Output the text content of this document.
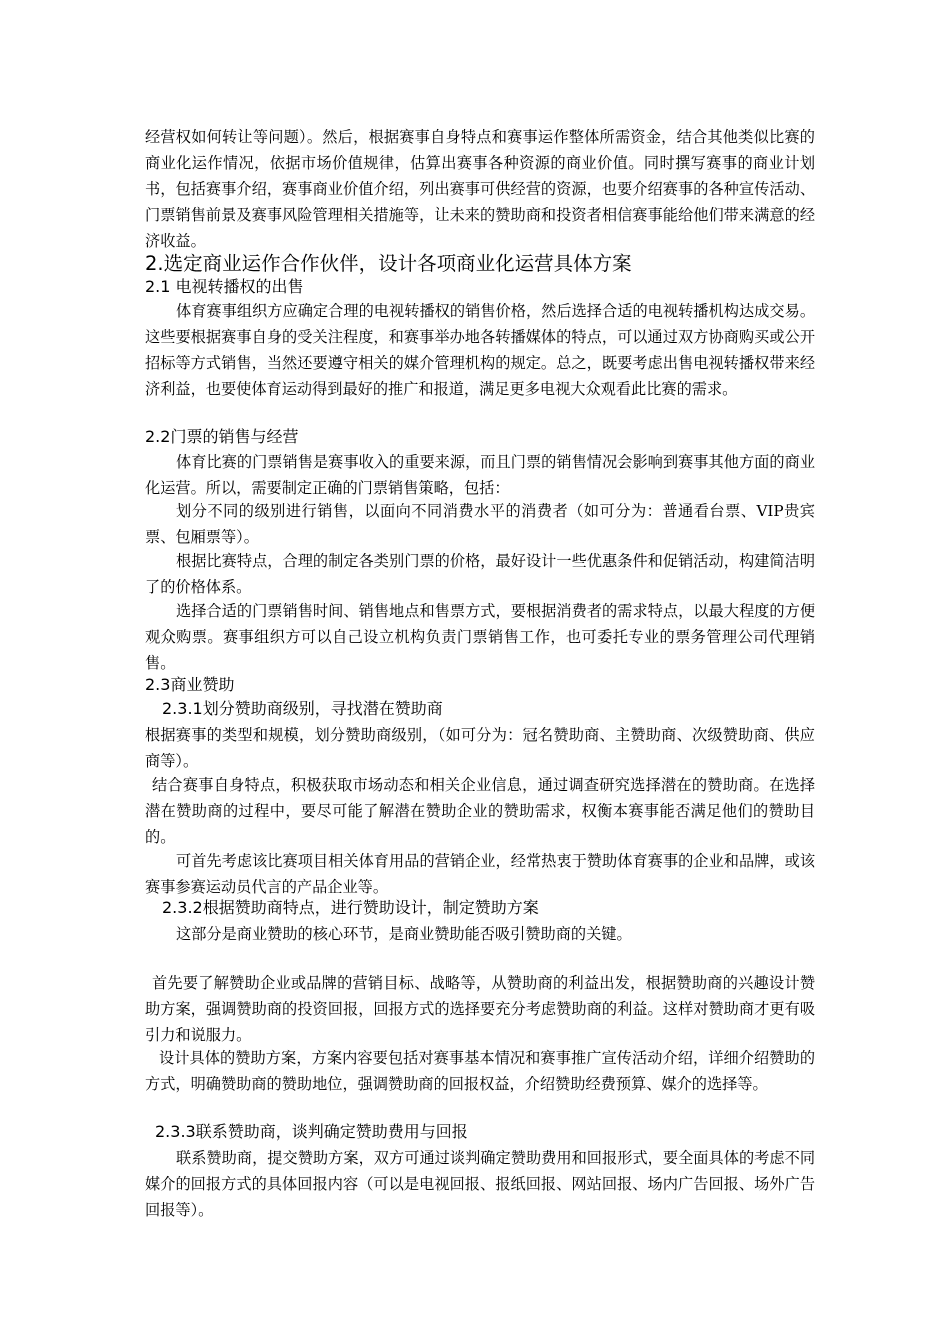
经营权如何转让等问题）。然后，根据赛事自身特点和赛事运作整体所需资金，结合其他类似比赛的商业化运作情况，依据市场价值规律，估算出赛事各种资源的商业价值。同时撰写赛事的商业计划书，包括赛事介绍，赛事商业价值介绍，列出赛事可供经营的资源，也要介绍赛事的各种宣传活动、门票销售前景及赛事风险管理相关措施等，让未来的赞助商和投资者相信赛事能给他们带来满意的经济收益。
2.选定商业运作合作伙伴，设计各项商业化运营具体方案
2.1 电视转播权的出售
体育赛事组织方应确定合理的电视转播权的销售价格，然后选择合适的电视转播机构达成交易。这些要根据赛事自身的受关注程度，和赛事举办地各转播媒体的特点，可以通过双方协商购买或公开招标等方式销售，当然还要遵守相关的媒介管理机构的规定。总之，既要考虑出售电视转播权带来经济利益，也要使体育运动得到最好的推广和报道，满足更多电视大众观看此比赛的需求。
2.2门票的销售与经营
体育比赛的门票销售是赛事收入的重要来源，而且门票的销售情况会影响到赛事其他方面的商业化运营。所以，需要制定正确的门票销售策略，包括：
划分不同的级别进行销售，以面向不同消费水平的消费者（如可分为：普通看台票、VIP贵宾票、包厢票等）。
根据比赛特点，合理的制定各类别门票的价格，最好设计一些优惠条件和促销活动，构建简洁明了的价格体系。
选择合适的门票销售时间、销售地点和售票方式，要根据消费者的需求特点，以最大程度的方便观众购票。赛事组织方可以自己设立机构负责门票销售工作，也可委托专业的票务管理公司代理销售。
2.3商业赞助
2.3.1划分赞助商级别，寻找潜在赞助商
根据赛事的类型和规模，划分赞助商级别，（如可分为：冠名赞助商、主赞助商、次级赞助商、供应商等）。
结合赛事自身特点，积极获取市场动态和相关企业信息，通过调查研究选择潜在的赞助商。在选择潜在赞助商的过程中，要尽可能了解潜在赞助企业的赞助需求，权衡本赛事能否满足他们的赞助目的。
可首先考虑该比赛项目相关体育用品的营销企业，经常热衷于赞助体育赛事的企业和品牌，或该赛事参赛运动员代言的产品企业等。
2.3.2根据赞助商特点，进行赞助设计，制定赞助方案
这部分是商业赞助的核心环节，是商业赞助能否吸引赞助商的关键。
首先要了解赞助企业或品牌的营销目标、战略等，从赞助商的利益出发，根据赞助商的兴趣设计赞助方案，强调赞助商的投资回报，回报方式的选择要充分考虑赞助商的利益。这样对赞助商才更有吸引力和说服力。
设计具体的赞助方案，方案内容要包括对赛事基本情况和赛事推广宣传活动介绍，详细介绍赞助的方式，明确赞助商的赞助地位，强调赞助商的回报权益，介绍赞助经费预算、媒介的选择等。
2.3.3联系赞助商，谈判确定赞助费用与回报
联系赞助商，提交赞助方案，双方可通过谈判确定赞助费用和回报形式，要全面具体的考虑不同媒介的回报方式的具体回报内容（可以是电视回报、报纸回报、网站回报、场内广告回报、场外广告回报等）。
